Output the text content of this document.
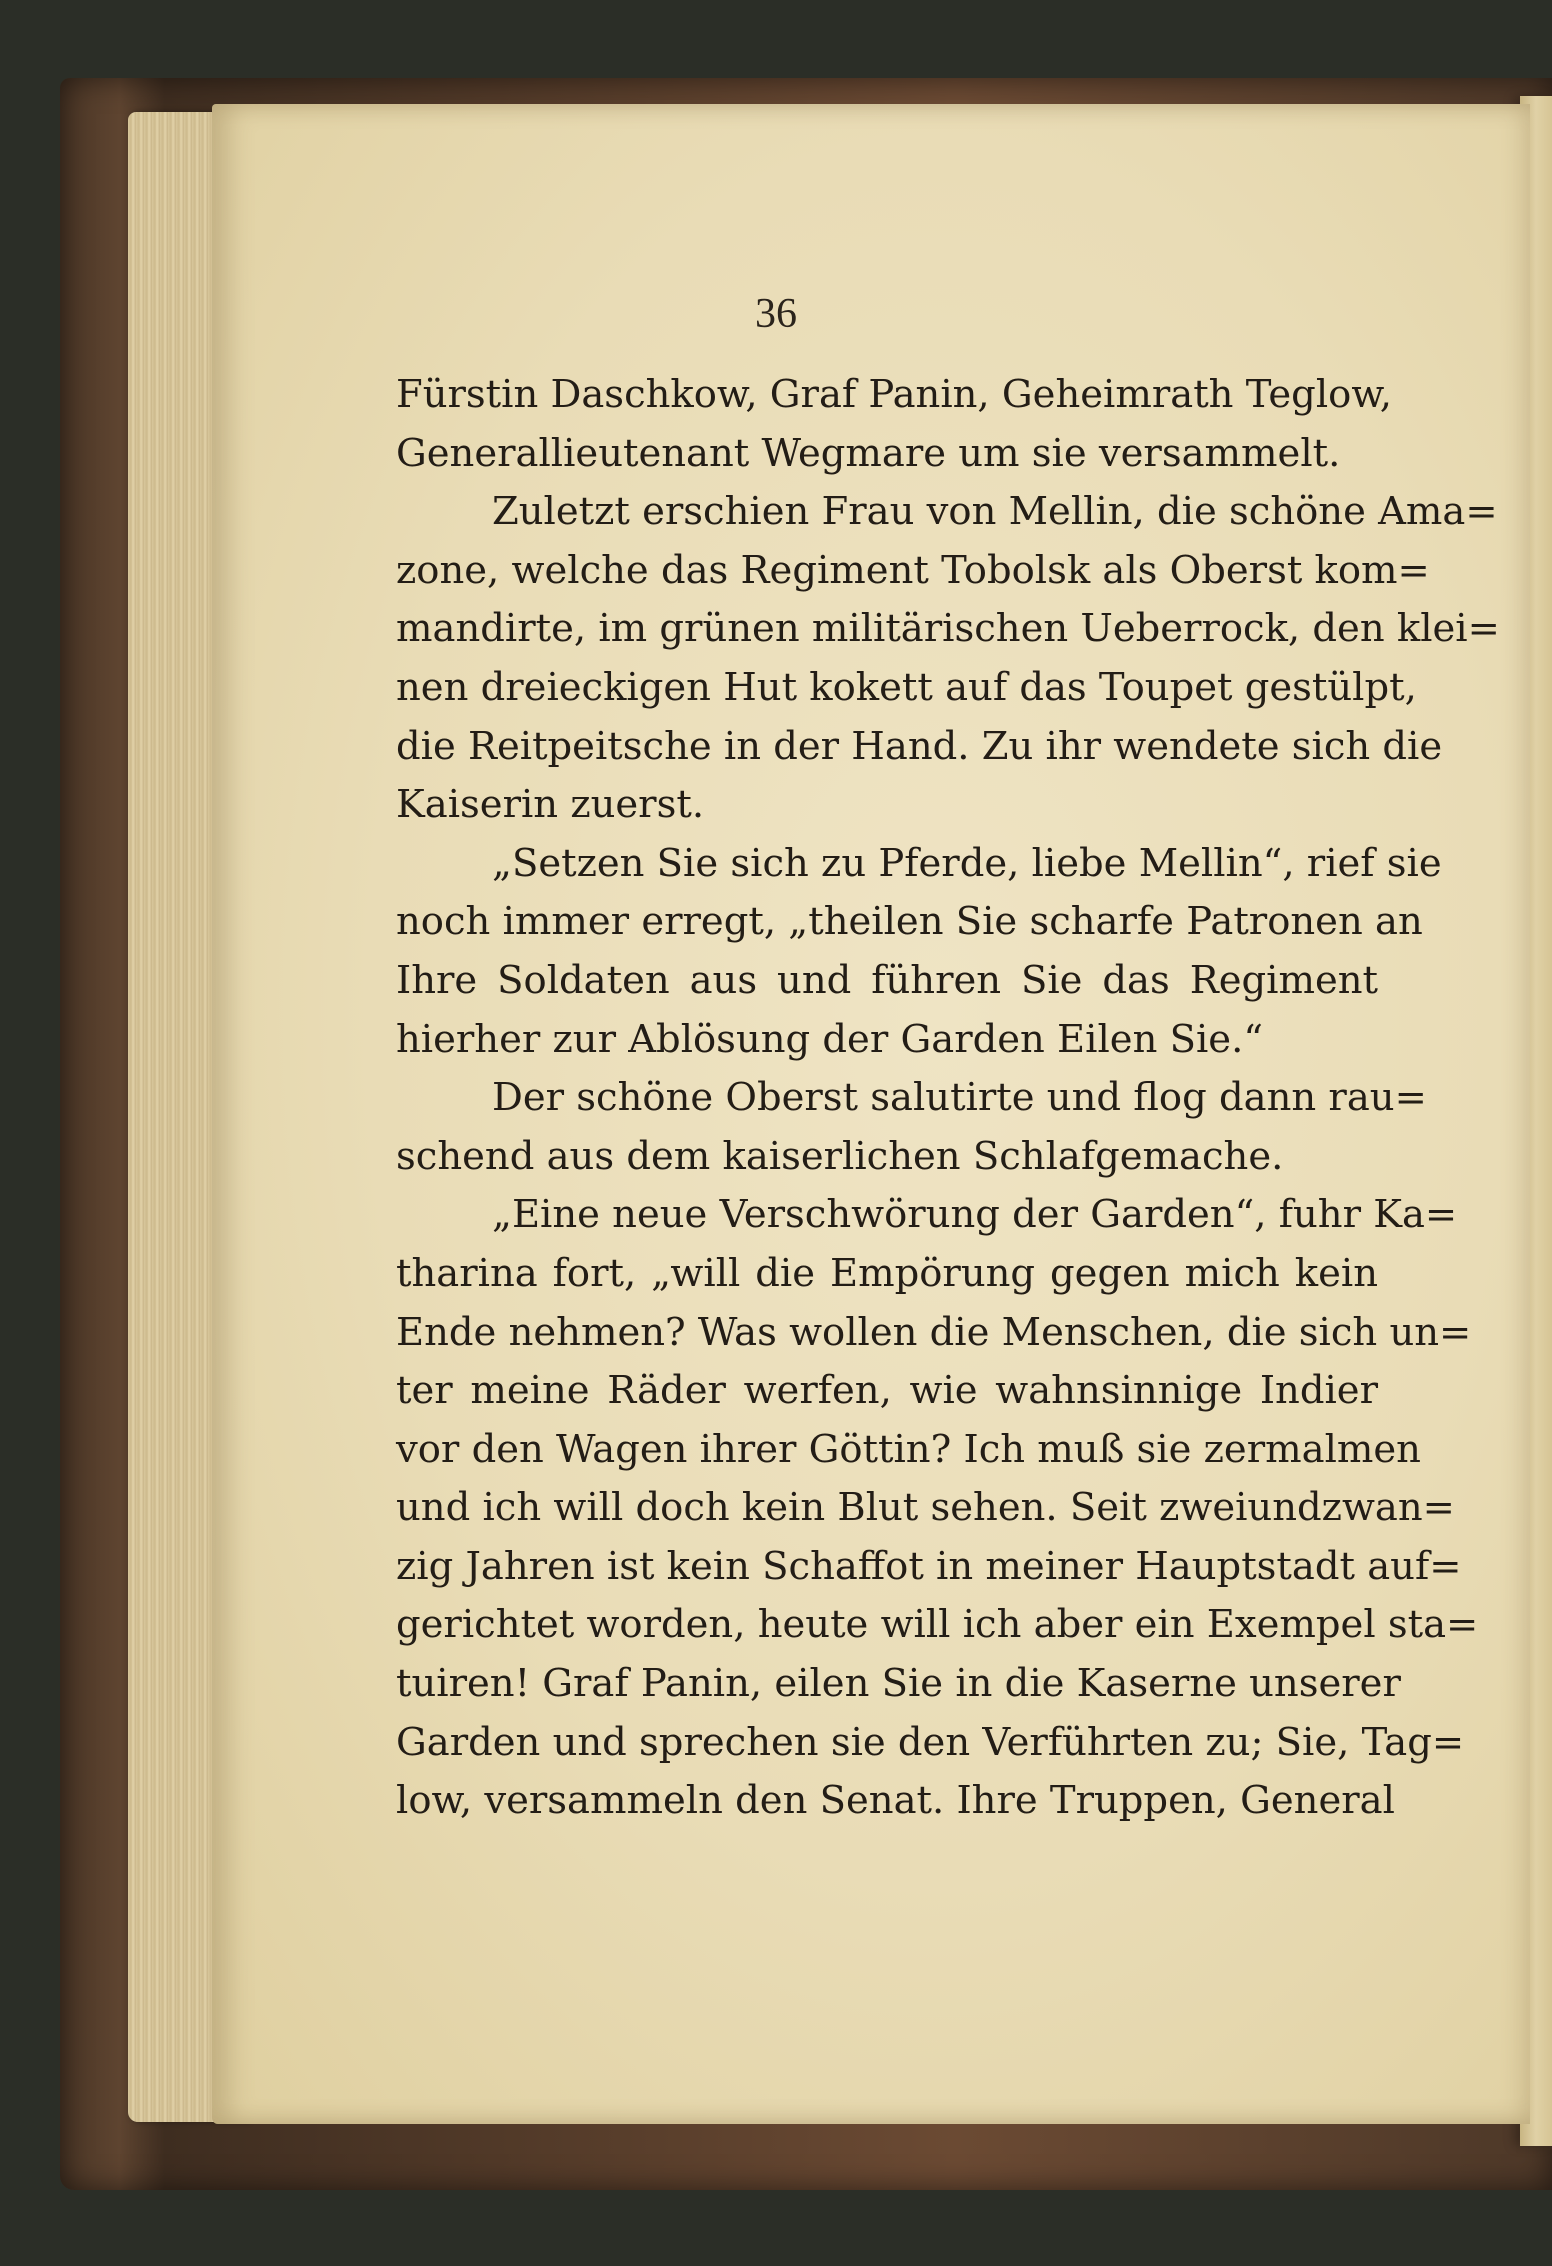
36
Fürstin Daschkow, Graf Panin, Geheimrath Teglow,
Generallieutenant Wegmare um sie versammelt.
Zuletzt erschien Frau von Mellin, die schöne Ama=
zone, welche das Regiment Tobolsk als Oberst kom=
mandirte, im grünen militärischen Ueberrock, den klei=
nen dreieckigen Hut kokett auf das Toupet gestülpt,
die Reitpeitsche in der Hand. Zu ihr wendete sich die
Kaiserin zuerst.
„Setzen Sie sich zu Pferde, liebe Mellin“, rief sie
noch immer erregt, „theilen Sie scharfe Patronen an
Ihre Soldaten aus und führen Sie das Regiment
hierher zur Ablösung der Garden Eilen Sie.“
Der schöne Oberst salutirte und flog dann rau=
schend aus dem kaiserlichen Schlafgemache.
„Eine neue Verschwörung der Garden“, fuhr Ka=
tharina fort, „will die Empörung gegen mich kein
Ende nehmen? Was wollen die Menschen, die sich un=
ter meine Räder werfen, wie wahnsinnige Indier
vor den Wagen ihrer Göttin? Ich muß sie zermalmen
und ich will doch kein Blut sehen. Seit zweiundzwan=
zig Jahren ist kein Schaffot in meiner Hauptstadt auf=
gerichtet worden, heute will ich aber ein Exempel sta=
tuiren! Graf Panin, eilen Sie in die Kaserne unserer
Garden und sprechen sie den Verführten zu; Sie, Tag=
low, versammeln den Senat. Ihre Truppen, General
